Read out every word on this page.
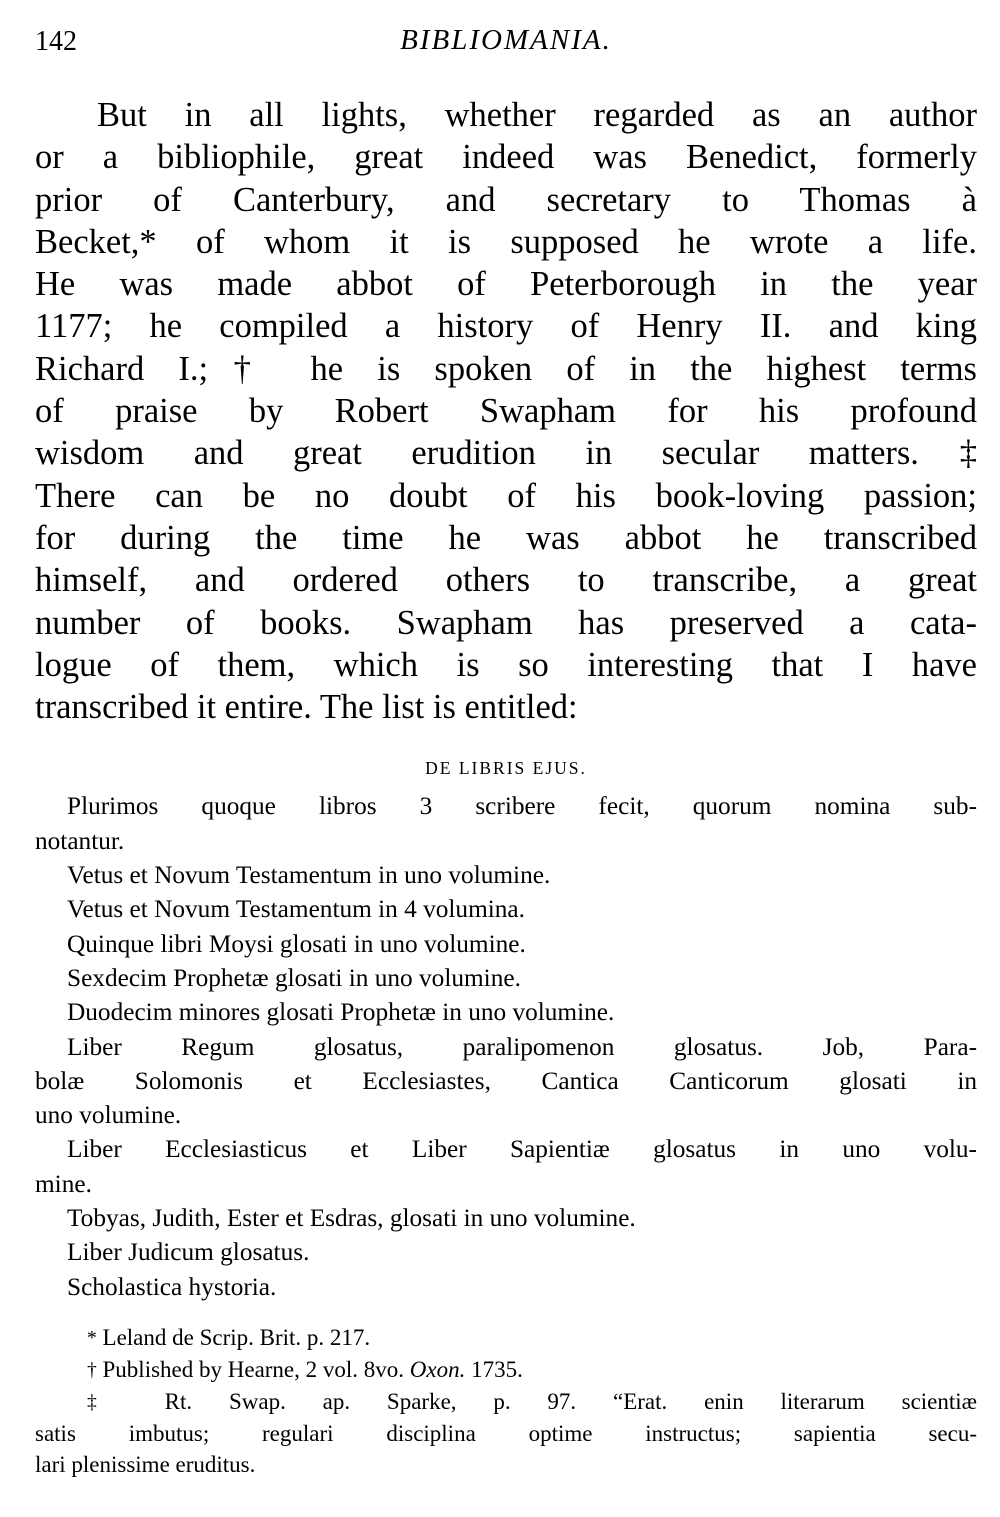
142	BIBLIOMANIA.
But in all lights, whether regarded as an author
or a bibliophile, great indeed was Benedict, formerly
prior of Canterbury, and secretary to Thomas à
Becket,* of whom it is supposed he wrote a life.
He was made abbot of Peterborough in the year
1177; he compiled a history of Henry II. and king
Richard I.;† he is spoken of in the highest terms
of praise by Robert Swapham for his profound
wisdom and great erudition in secular matters.‡
There can be no doubt of his book-loving passion;
for during the time he was abbot he transcribed
himself, and ordered others to transcribe, a great
number of books. Swapham has preserved a cata-
logue of them, which is so interesting that I have
transcribed it entire. The list is entitled:
DE LIBRIS EJUS.
Plurimos quoque libros 3 scribere fecit, quorum nomina sub-
notantur.
Vetus et Novum Testamentum in uno volumine.
Vetus et Novum Testamentum in 4 volumina.
Quinque libri Moysi glosati in uno volumine.
Sexdecim Prophetæ glosati in uno volumine.
Duodecim minores glosati Prophetæ in uno volumine.
Liber Regum glosatus, paralipomenon glosatus. Job, Para-
bolæ Solomonis et Ecclesiastes, Cantica Canticorum glosati in
uno volumine.
Liber Ecclesiasticus et Liber Sapientiæ glosatus in uno volu-
mine.
Tobyas, Judith, Ester et Esdras, glosati in uno volumine.
Liber Judicum glosatus.
Scholastica hystoria.
* Leland de Scrip. Brit. p. 217.
† Published by Hearne, 2 vol. 8vo. Oxon. 1735.
‡ Rt. Swap. ap. Sparke, p. 97. “Erat. enin literarum scientiæ
satis imbutus; regulari disciplina optime instructus; sapientia secu-
lari plenissime eruditus.
